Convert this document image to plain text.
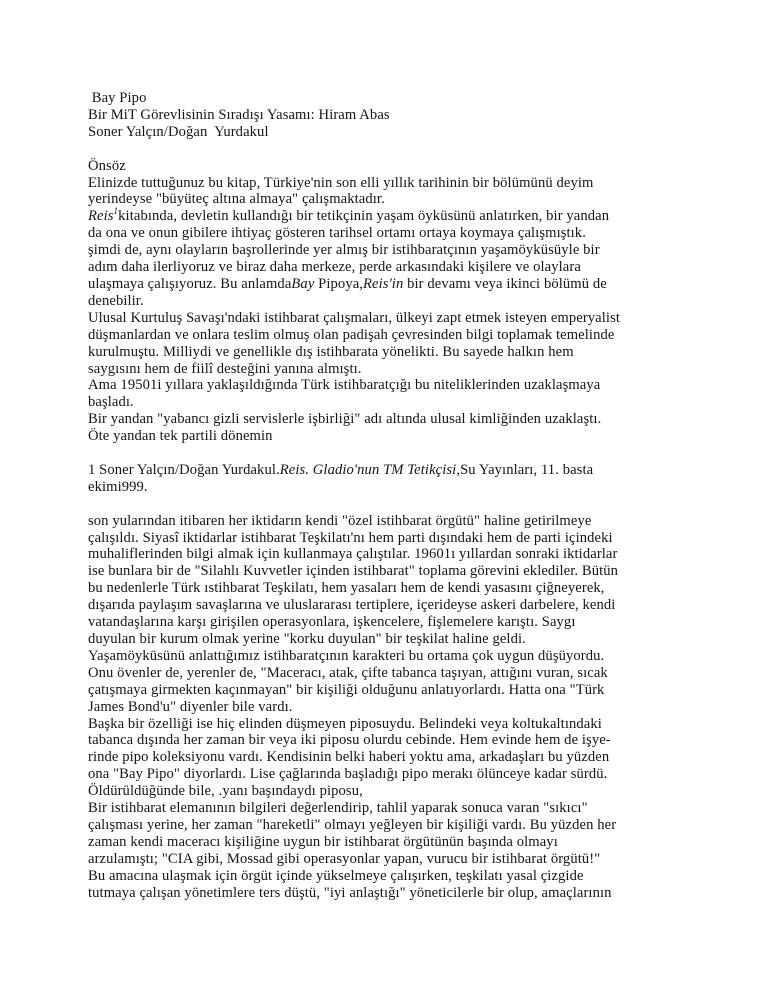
Bay Pipo
Bir MiT Görevlisinin Sıradışı Yasamı: Hiram Abas
Soner Yalçın/Doğan  Yurdakul

Önsöz
Elinizde tuttuğunuz bu kitap, Türkiye'nin son elli yıllık tarihinin bir bölümünü deyim
yerindeyse "büyüteç altına almaya" çalışmaktadır.
Reis$^1$kitabında, devletin kullandığı bir tetikçinin yaşam öyküsünü anlatırken, bir yandan
da ona ve onun gibilere ihtiyaç gösteren tarihsel ortamı ortaya koymaya çalışmıştık.
şimdi de, aynı olayların başrollerinde yer almış bir istihbaratçının yaşamöyküsüyle bir
adım daha ilerliyoruz ve biraz daha merkeze, perde arkasındaki kişilere ve olaylara
ulaşmaya çalışıyoruz. Bu anlamdaBay Pipoya,Reis'in bir devamı veya ikinci bölümü de
denebilir.
Ulusal Kurtuluş Savaşı'ndaki istihbarat çalışmaları, ülkeyi zapt etmek isteyen emperyalist
düşmanlardan ve onlara teslim olmuş olan padişah çevresinden bilgi toplamak temelinde
kurulmuştu. Milliydi ve genellikle dış istihbarata yönelikti. Bu sayede halkın hem
saygısını hem de fiilî desteğini yanına almıştı.
Ama 19501i yıllara yaklaşıldığında Türk istihbaratçığı bu niteliklerinden uzaklaşmaya
başladı.
Bir yandan "yabancı gizli servislerle işbirliği" adı altında ulusal kimliğinden uzaklaştı.
Öte yandan tek partili dönemin

1 Soner Yalçın/Doğan Yurdakul.Reis. Gladio'nun TM Tetikçisi,Su Yayınları, 11. basta
ekimi999.

son yularından itibaren her iktidarın kendi "özel istihbarat örgütü" haline getirilmeye
çalışıldı. Siyasî iktidarlar istihbarat Teşkilatı'nı hem parti dışındaki hem de parti içindeki
muhaliflerinden bilgi almak için kullanmaya çalıştılar. 19601ı yıllardan sonraki iktidarlar
ise bunlara bir de "Silahlı Kuvvetler içinden istihbarat" toplama görevini eklediler. Bütün
bu nedenlerle Türk ıstihbarat Teşkilatı, hem yasaları hem de kendi yasasını çiğneyerek,
dışarıda paylaşım savaşlarına ve uluslararası tertiplere, içerideyse askeri darbelere, kendi
vatandaşlarına karşı girişilen operasyonlara, işkencelere, fişlemelere karıştı. Saygı
duyulan bir kurum olmak yerine "korku duyulan" bir teşkilat haline geldi.
Yaşamöyküsünü anlattığımız istihbaratçının karakteri bu ortama çok uygun düşüyordu.
Onu övenler de, yerenler de, "Maceracı, atak, çifte tabanca taşıyan, attığını vuran, sıcak
çatışmaya girmekten kaçınmayan" bir kişiliği olduğunu anlatıyorlardı. Hatta ona "Türk
James Bond'u" diyenler bile vardı.
Başka bir özelliği ise hiç elinden düşmeyen piposuydu. Belindeki veya koltukaltındaki
tabanca dışında her zaman bir veya iki piposu olurdu cebinde. Hem evinde hem de işye-
rinde pipo koleksiyonu vardı. Kendisinin belki haberi yoktu ama, arkadaşları bu yüzden
ona "Bay Pipo" diyorlardı. Lise çağlarında başladığı pipo merakı ölünceye kadar sürdü.
Öldürüldüğünde bile, .yanı başındaydı piposu,
Bir istihbarat elemanının bilgileri değerlendirip, tahlil yaparak sonuca varan "sıkıcı"
çalışması yerine, her zaman "hareketli" olmayı yeğleyen bir kişiliği vardı. Bu yüzden her
zaman kendi maceracı kişiliğine uygun bir istihbarat örgütünün başında olmayı
arzulamıştı; "CIA gibi, Mossad gibi operasyonlar yapan, vurucu bir istihbarat örgütü!"
Bu amacına ulaşmak için örgüt içinde yükselmeye çalışırken, teşkilatı yasal çizgide
tutmaya çalışan yönetimlere ters düştü, "iyi anlaştığı" yöneticilerle bir olup, amaçlarının
